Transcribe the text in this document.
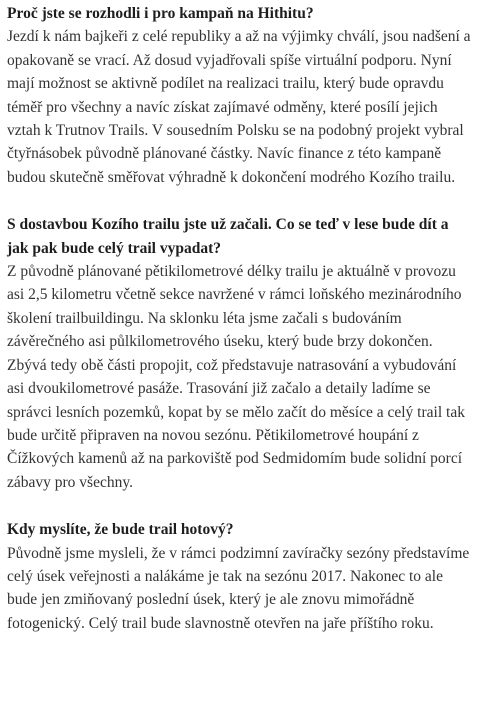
Proč jste se rozhodli i pro kampaň na Hithitu?

Jezdí k nám bajkeři z celé republiky a až na výjimky chválí, jsou nadšení a opakovaně se vrací. Až dosud vyjadřovali spíše virtuální podporu. Nyní mají možnost se aktivně podílet na realizaci trailu, který bude opravdu téměř pro všechny a navíc získat zajímavé odměny, které posílí jejich vztah k Trutnov Trails. V sousedním Polsku se na podobný projekt vybral čtyřnásobek původně plánované částky. Navíc finance z této kampaně budou skutečně směřovat výhradně k dokončení modrého Kozího trailu.

S dostavbou Kozího trailu jste už začali. Co se teď v lese bude dít a jak pak bude celý trail vypadat?

Z původně plánované pětikilometrové délky trailu je aktuálně v provozu asi 2,5 kilometru včetně sekce navržené v rámci loňského mezinárodního školení trailbuildingu. Na sklonku léta jsme začali s budováním závěrečného asi půlkilometrového úseku, který bude brzy dokončen. Zbývá tedy obě části propojit, což představuje natrasování a vybudování asi dvoukilometrové pasáže. Trasování již začalo a detaily ladíme se správci lesních pozemků, kopat by se mělo začít do měsíce a celý trail tak bude určitě připraven na novou sezónu. Pětikilometrové houpání z Čížkových kamenů až na parkoviště pod Sedmidomím bude solidní porcí zábavy pro všechny.

Kdy myslíte, že bude trail hotový?

Původně jsme mysleli, že v rámci podzimní zavíračky sezóny představíme celý úsek veřejnosti a nalákáme je tak na sezónu 2017. Nakonec to ale bude jen zmiňovaný poslední úsek, který je ale znovu mimořádně fotogenický. Celý trail bude slavnostně otevřen na jaře příštího roku.
